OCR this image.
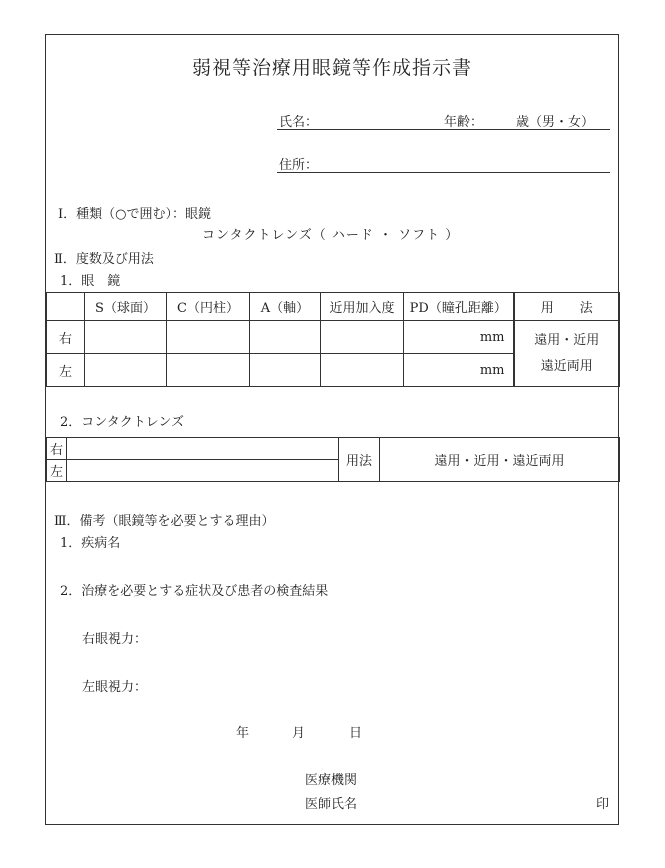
弱視等治療用眼鏡等作成指示書
氏名：	年齢：	歳（男・女）
住所：
Ⅰ．種類（○で囲む）：眼鏡
コンタクトレンズ（ ハード ・ ソフト ）
Ⅱ．度数及び用法
1．眼　鏡
	S（球面）	C（円柱）	A（軸）	近用加入度	PD（瞳孔距離）	用　　法
右					mm	遠用・近用
遠近両用

左					mm	
2．コンタクトレンズ
右		用法	遠用・近用・遠近両用
左			
Ⅲ．備考（眼鏡等を必要とする理由）
1．疾病名
2．治療を必要とする症状及び患者の検査結果
右眼視力：
左眼視力：
年	月	日
医療機関
医師氏名	印
